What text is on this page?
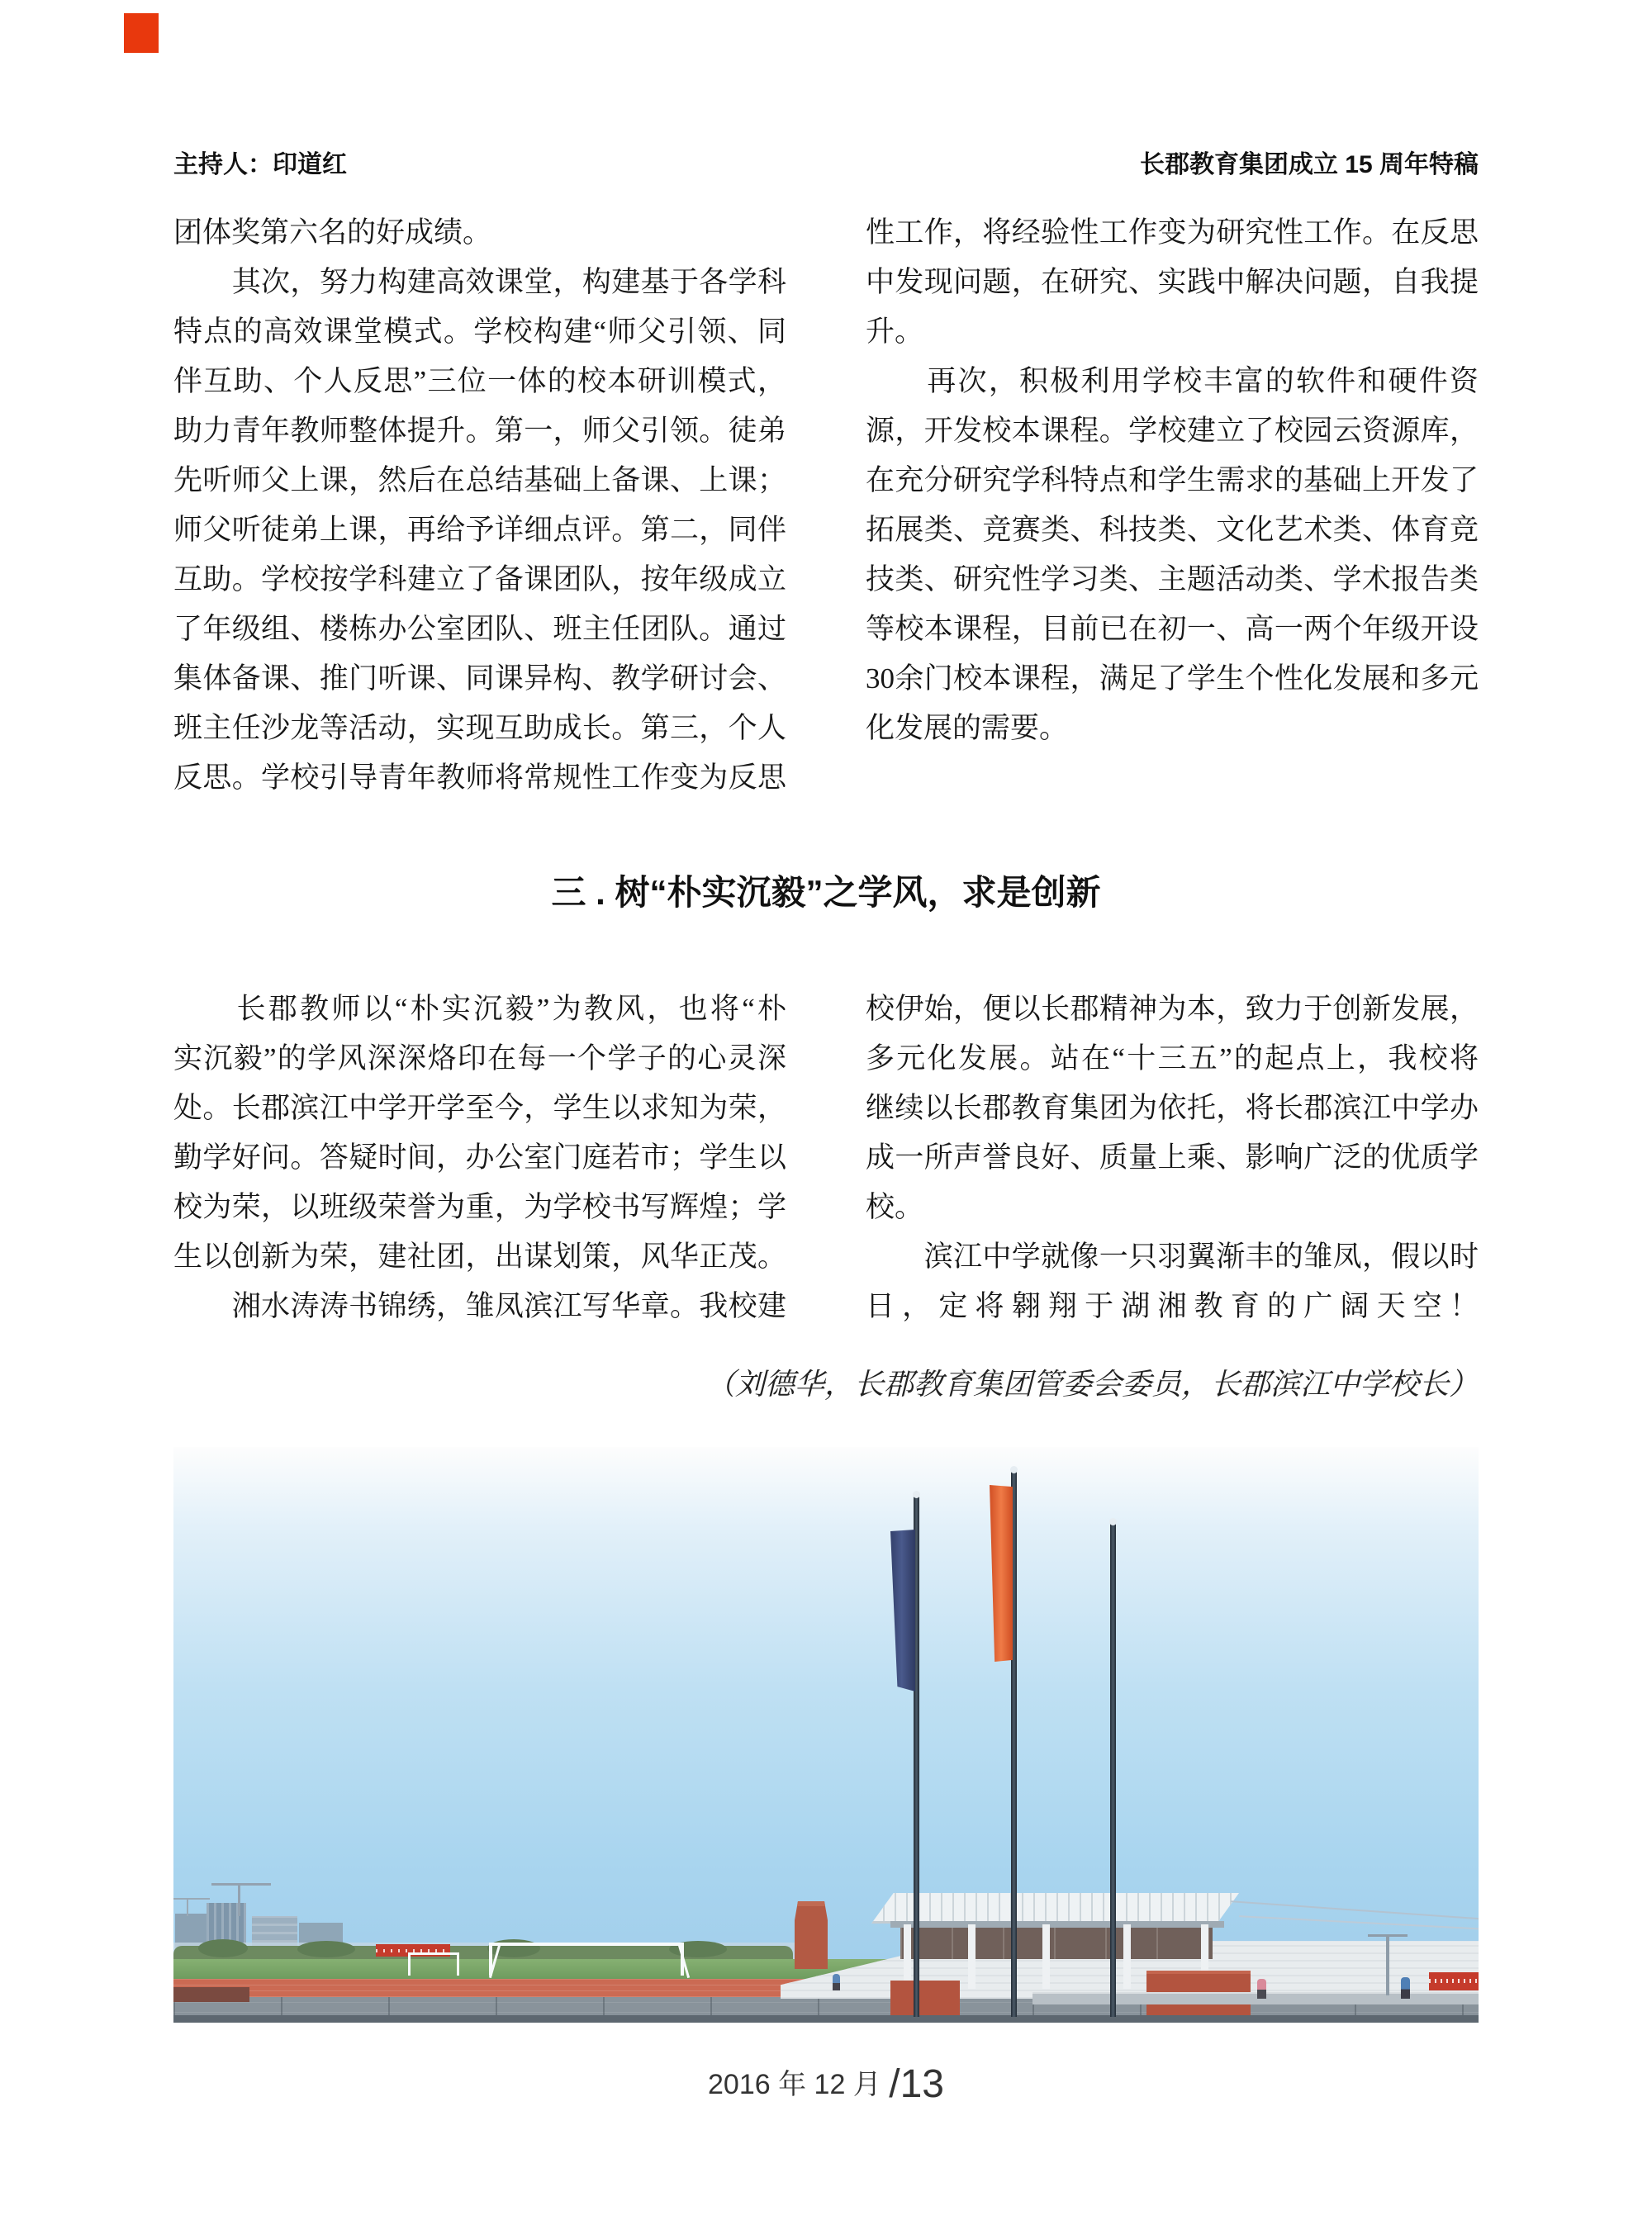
主持人：印道红	长郡教育集团成立 15 周年特稿
团体奖第六名的好成绩。
　　其次，努力构建高效课堂，构建基于各学科
特点的高效课堂模式。学校构建“师父引领、同
伴互助、个人反思”三位一体的校本研训模式，
助力青年教师整体提升。第一，师父引领。徒弟
先听师父上课，然后在总结基础上备课、上课；
师父听徒弟上课，再给予详细点评。第二，同伴
互助。学校按学科建立了备课团队，按年级成立
了年级组、楼栋办公室团队、班主任团队。通过
集体备课、推门听课、同课异构、教学研讨会、
班主任沙龙等活动，实现互助成长。第三，个人
反思。学校引导青年教师将常规性工作变为反思
性工作，将经验性工作变为研究性工作。在反思
中发现问题，在研究、实践中解决问题，自我提
升。
　　再次，积极利用学校丰富的软件和硬件资
源，开发校本课程。学校建立了校园云资源库，
在充分研究学科特点和学生需求的基础上开发了
拓展类、竞赛类、科技类、文化艺术类、体育竞
技类、研究性学习类、主题活动类、学术报告类
等校本课程，目前已在初一、高一两个年级开设
30余门校本课程，满足了学生个性化发展和多元
化发展的需要。
三 . 树“朴实沉毅”之学风，求是创新
　　长郡教师以“朴实沉毅”为教风，也将“朴
实沉毅”的学风深深烙印在每一个学子的心灵深
处。长郡滨江中学开学至今，学生以求知为荣，
勤学好问。答疑时间，办公室门庭若市；学生以
校为荣，以班级荣誉为重，为学校书写辉煌；学
生以创新为荣，建社团，出谋划策，风华正茂。
　　湘水涛涛书锦绣，雏凤滨江写华章。我校建
校伊始，便以长郡精神为本，致力于创新发展，
多元化发展。站在“十三五”的起点上，我校将
继续以长郡教育集团为依托，将长郡滨江中学办
成一所声誉良好、质量上乘、影响广泛的优质学
校。
　　滨江中学就像一只羽翼渐丰的雏凤，假以时
日，定将翱翔于湖湘教育的广阔天空！
（刘德华，长郡教育集团管委会委员，长郡滨江中学校长）
2016 年 12 月 /13
